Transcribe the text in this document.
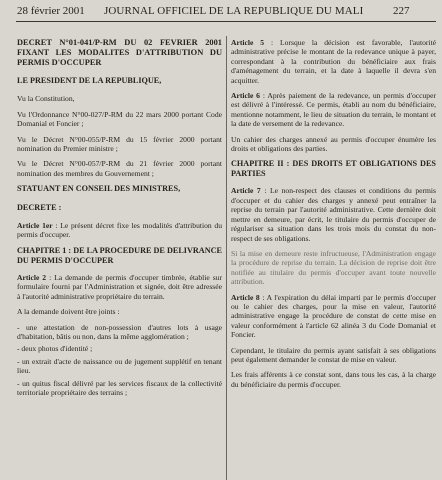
28 février 2001 JOURNAL OFFICIEL DE LA REPUBLIQUE DU MALI	227

DECRET N°01-041/P-RM DU 02 FEVRIER 2001 FIXANT LES MODALITES D'ATTRIBUTION DU PERMIS D'OCCUPER

LE PRESIDENT DE LA REPUBLIQUE,

Vu la Constitution,

Vu l'Ordonnance N°00-027/P-RM du 22 mars 2000 portant Code Domanial et Foncier ;

Vu le Décret N°00-055/P-RM du 15 février 2000 portant nomination du Premier ministre ;

Vu le Décret N°00-057/P-RM du 21 février 2000 portant nomination des membres du Gouvernement ;

STATUANT EN CONSEIL DES MINISTRES,

DECRETE :

Article 1er : Le présent décret fixe les modalités d'attribution du permis d'occuper.

CHAPITRE 1 : DE LA PROCEDURE DE DELIVRANCE DU PERMIS D'OCCUPER

Article 2 : La demande de permis d'occuper timbrée, établie sur formulaire fourni par l'Administration et signée, doit être adressée à l'autorité administrative propriétaire du terrain.

A la demande doivent être joints :

- une attestation de non-possession d'autres lots à usage d'habitation, bâtis ou non, dans la même agglomération ;
- deux photos d'identité ;
- un extrait d'acte de naissance ou de jugement supplétif en tenant lieu.
- un quitus fiscal délivré par les services fiscaux de la collectivité territoriale propriétaire des terrains ;

Article 5 : Lorsque la décision est favorable, l'autorité administrative précise le montant de la redevance unique à payer, correspondant à la contribution du bénéficiaire aux frais d'aménagement du terrain, et la date à laquelle il devra s'en acquitter.

Article 6 : Après paiement de la redevance, un permis d'occuper est délivré à l'intéressé. Ce permis, établi au nom du bénéficiaire, mentionne notamment, le lieu de situation du terrain, le montant et la date de versement de la redevance.

Un cahier des charges annexé au permis d'occuper énumère les droits et obligations des parties.

CHAPITRE II : DES DROITS ET OBLIGATIONS DES PARTIES

Article 7 : Le non-respect des clauses et conditions du permis d'occuper et du cahier des charges y annexé peut entraîner la reprise du terrain par l'autorité administrative. Cette dernière doit mettre en demeure, par écrit, le titulaire du permis d'occuper de régulariser sa situation dans les trois mois du constat du non-respect de ses obligations.

Si la mise en demeure reste infructueuse, l'Administration engage la procédure de reprise du terrain. La décision de reprise doit être notifiée au titulaire du permis d'occuper avant toute nouvelle attribution.

Article 8 : A l'expiration du délai imparti par le permis d'occuper ou le cahier des charges, pour la mise en valeur, l'autorité administrative engage la procédure de constat de cette mise en valeur conformément à l'article 62 alinéa 3 du Code Domanial et Foncier.

Cependant, le titulaire du permis ayant satisfait à ses obligations peut également demander le constat de mise en valeur.

Les frais afférents à ce constat sont, dans tous les cas, à la charge du bénéficiaire du permis d'occuper.
